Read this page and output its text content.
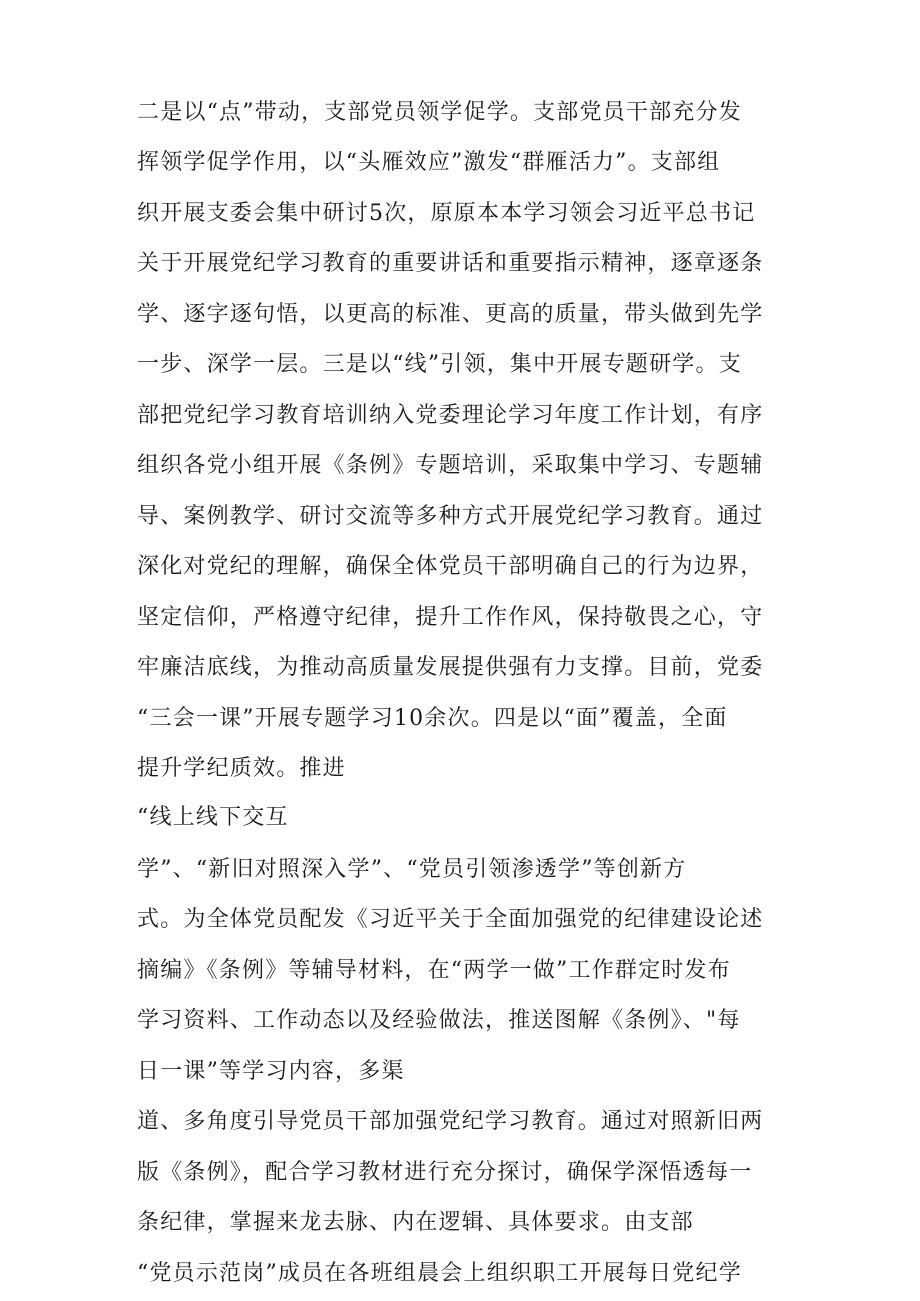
二是以“点”带动，支部党员领学促学。支部党员干部充分发
挥领学促学作用，以“头雁效应”激发“群雁活力”。支部组
织开展支委会集中研讨5次，原原本本学习领会习近平总书记
关于开展党纪学习教育的重要讲话和重要指示精神，逐章逐条
学、逐字逐句悟，以更高的标准、更高的质量，带头做到先学
一步、深学一层。三是以“线”引领，集中开展专题研学。支
部把党纪学习教育培训纳入党委理论学习年度工作计划，有序
组织各党小组开展《条例》专题培训，采取集中学习、专题辅
导、案例教学、研讨交流等多种方式开展党纪学习教育。通过
深化对党纪的理解，确保全体党员干部明确自己的行为边界，
坚定信仰，严格遵守纪律，提升工作作风，保持敬畏之心，守
牢廉洁底线，为推动高质量发展提供强有力支撑。目前，党委
“三会一课”开展专题学习10余次。四是以“面”覆盖，全面
提升学纪质效。推进
“线上线下交互
学”、“新旧对照深入学”、“党员引领渗透学”等创新方
式。为全体党员配发《习近平关于全面加强党的纪律建设论述
摘编》《条例》等辅导材料，在“两学一做”工作群定时发布
学习资料、工作动态以及经验做法，推送图解《条例》、"每
日一课”等学习内容，多渠
道、多角度引导党员干部加强党纪学习教育。通过对照新旧两
版《条例》，配合学习教材进行充分探讨，确保学深悟透每一
条纪律，掌握来龙去脉、内在逻辑、具体要求。由支部
“党员示范岗”成员在各班组晨会上组织职工开展每日党纪学
